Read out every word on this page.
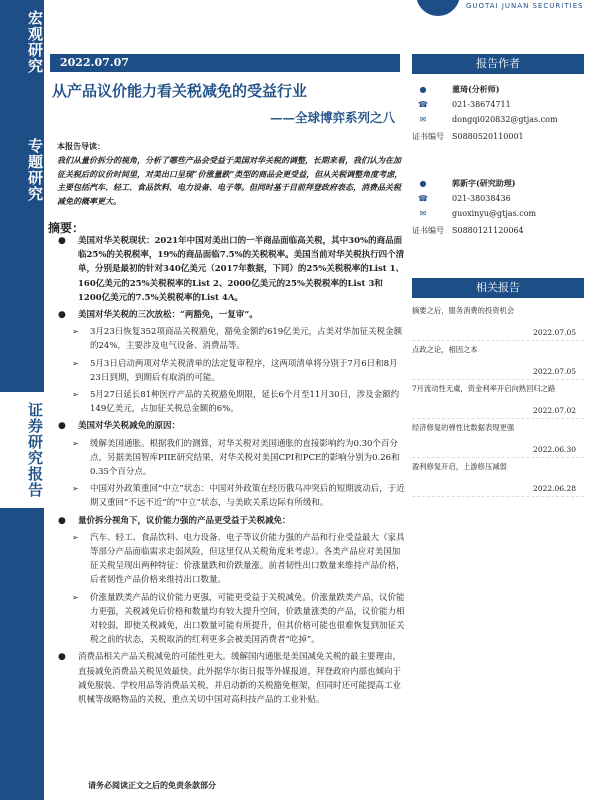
宏观研究
专题研究
证券研究报告
GUOTAI JUNAN SECURITIES
2022.07.07
从产品议价能力看关税减免的受益行业
——全球博弈系列之八
本报告导读：
我们从量价拆分的视角，分析了哪些产品会受益于美国对华关税的调整，长期来看，我们认为在加征关税后的议价时间里，对美出口呈现“价涨量跌”类型的商品会更受益，但从关税调整角度考虑，主要包括汽车、轻工、食品饮料、电力设备、电子等。但同时基于目前拜登政府表态，消费品关税减免的概率更大。
摘要：
● 美国对华关税现状：2021年中国对美出口的一半商品面临高关税，其中30%的商品面临25%的关税税率，19%的商品面临7.5%的关税税率。美国当前对华关税执行四个清单，分别是最初的针对340亿美元（2017年数据，下同）的25%关税税率的List 1、160亿美元的25%关税税率的List 2、2000亿美元的25%关税税率的List 3和1200亿美元的7.5%关税税率的List 4A。
● 美国对华关税的三次放松：“两豁免，一复审”。
➢ 3月23日恢复352项商品关税豁免，豁免金额约619亿美元，占美对华加征关税金额的24%，主要涉及电气设备、消费品等。
➢ 5月3日启动两项对华关税清单的法定复审程序，这两项清单将分别于7月6日和8月23日到期，到期后有取消的可能。
➢ 5月27日延长81种医疗产品的关税豁免期限，延长6个月至11月30日，涉及金额约149亿美元，占加征关税总金额的6%。
● 美国对华关税减免的原因：
➢ 缓解美国通胀。根据我们的测算，对华关税对美国通胀的直接影响约为0.30个百分点，另据美国智库PIIE研究结果，对华关税对美国CPI和PCE的影响分别为0.26和0.35个百分点。
➢ 中国对外政策重回“中立”状态：中国对外政策在经历俄乌冲突后的短期波动后，于近期又重回“不远不近”的“中立”状态，与美欧关系边际有所缓和。
● 量价拆分视角下，议价能力强的产品更受益于关税减免：
➢ 汽车、轻工、食品饮料、电力设备、电子等议价能力强的产品和行业受益最大（家具等部分产品面临需求走弱风险，但这里仅从关税角度来考虑）。各类产品应对美国加征关税呈现出两种特征：价涨量跌和价跌量涨。前者韧性出口数量来维持产品价格，后者韧性产品价格来维持出口数量。
➢ 价涨量跌类产品的议价能力更强，可能更受益于关税减免。价涨量跌类产品，议价能力更强，关税减免后价格和数量均有较大提升空间，价跌量涨类的产品，议价能力相对较弱，即使关税减免，出口数量可能有所提升，但其价格可能也很难恢复到加征关税之前的状态，关税取消的红利更多会被美国消费者“吃掉”。
● 消费品相关产品关税减免的可能性更大。缓解国内通胀是美国减免关税的最主要理由，直接减免消费品关税见效最快。此外据华尔街日报等外媒报道，拜登政府内部也倾向于减免服装、学校用品等消费品关税，并启动新的关税豁免框架，但同时还可能提高工业机械等战略物品的关税，重点关切中国对高科技产品的工业补贴。
报告作者
●	董琦(分析师)
☎	021-38674711
✉	dongqi020832@gtjas.com
证书编号 S0880520110001
●	郭新宇(研究助理)
☎	021-38038436
✉	guoxinyu@gtjas.com
证书编号 S0880121120064
相关报告
摘要之后，服务消费的投资机会
2022.07.05
点政之论，相因之本
2022.07.05
7月流动性无虞，资金利率开启向熟回归之路
2022.07.02
经济修复的弹性比数据表现更强
2022.06.30
盈利修复开启，上游修压减弱
2022.06.28
请务必阅读正文之后的免责条款部分
